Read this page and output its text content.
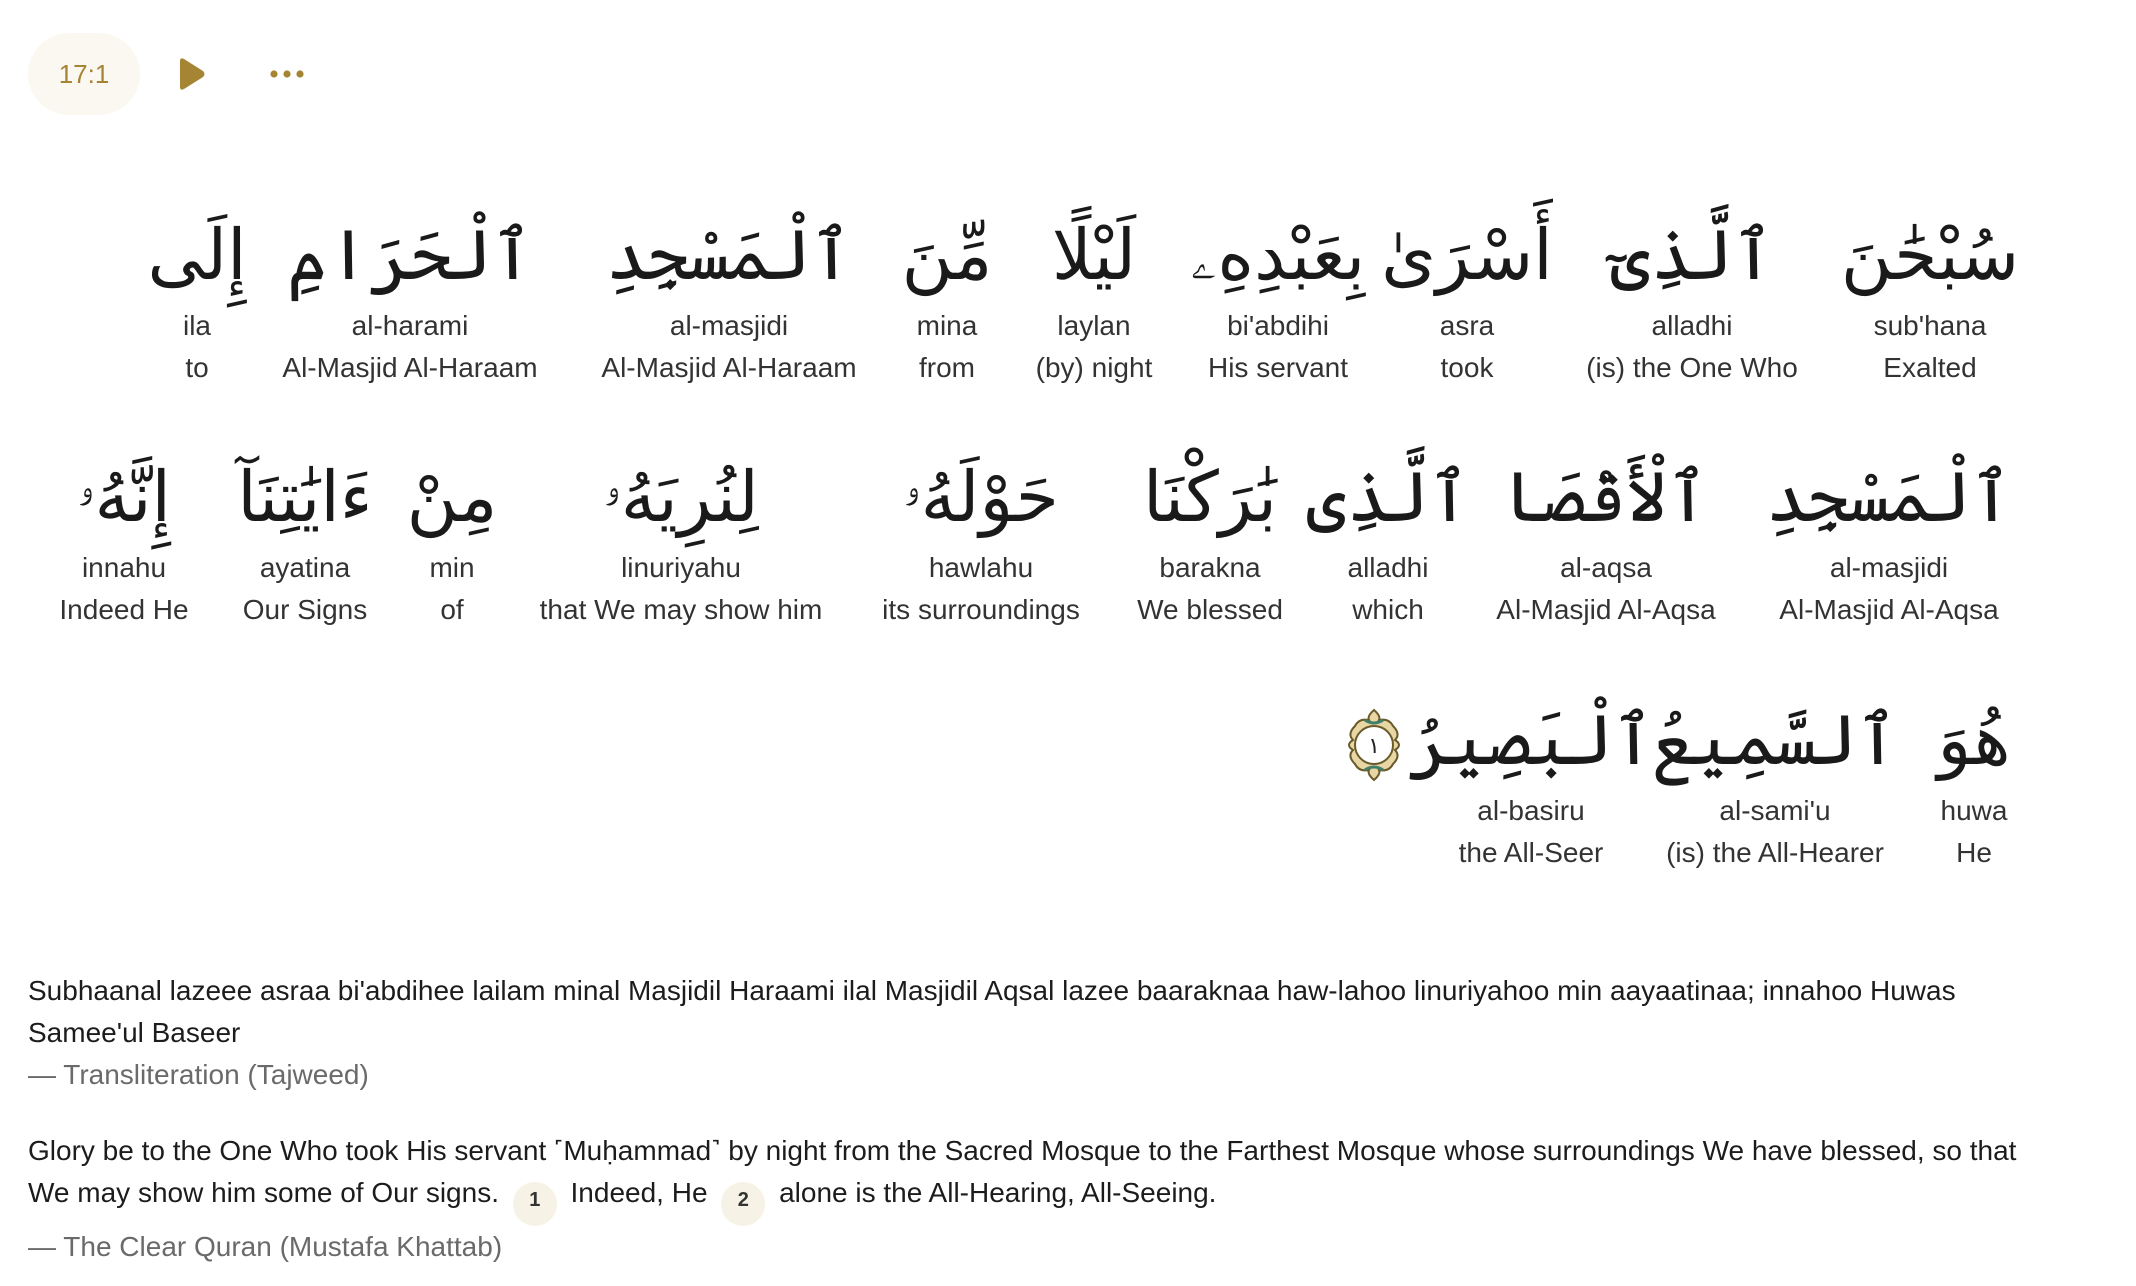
17:1
سُبْحَٰنَ
sub'hana
Exalted
ٱلَّذِىٓ
alladhi
(is) the One Who
أَسْرَىٰ
asra
took
بِعَبْدِهِۦ
bi'abdihi
His servant
لَيْلًا
laylan
(by) night
مِّنَ
mina
from
ٱلْمَسْجِدِ
al-masjidi
Al-Masjid Al-Haraam
ٱلْحَرَامِ
al-harami
Al-Masjid Al-Haraam
إِلَى
ila
to
ٱلْمَسْجِدِ
al-masjidi
Al-Masjid Al-Aqsa
ٱلْأَقْصَا
al-aqsa
Al-Masjid Al-Aqsa
ٱلَّذِى
alladhi
which
بَٰرَكْنَا
barakna
We blessed
حَوْلَهُۥ
hawlahu
its surroundings
لِنُرِيَهُۥ
linuriyahu
that We may show him
مِنْ
min
of
ءَايَٰتِنَآ
ayatina
Our Signs
إِنَّهُۥ
innahu
Indeed He
هُوَ
huwa
He
ٱلسَّمِيعُ
al-sami'u
(is) the All-Hearer
ٱلْبَصِيرُ
al-basiru
the All-Seer
١
Subhaanal lazeee asraa bi'abdihee lailam minal Masjidil Haraami ilal Masjidil Aqsal lazee baaraknaa haw-lahoo linuriyahoo min aayaatinaa; innahoo Huwas Samee'ul Baseer
— Transliteration (Tajweed)
Glory be to the One Who took His servant ˹Muḥammad˺ by night from the Sacred Mosque to the Farthest Mosque whose surroundings We have blessed, so that We may show him some of Our signs. 1 Indeed, He 2 alone is the All-Hearing, All-Seeing.
— The Clear Quran (Mustafa Khattab)
